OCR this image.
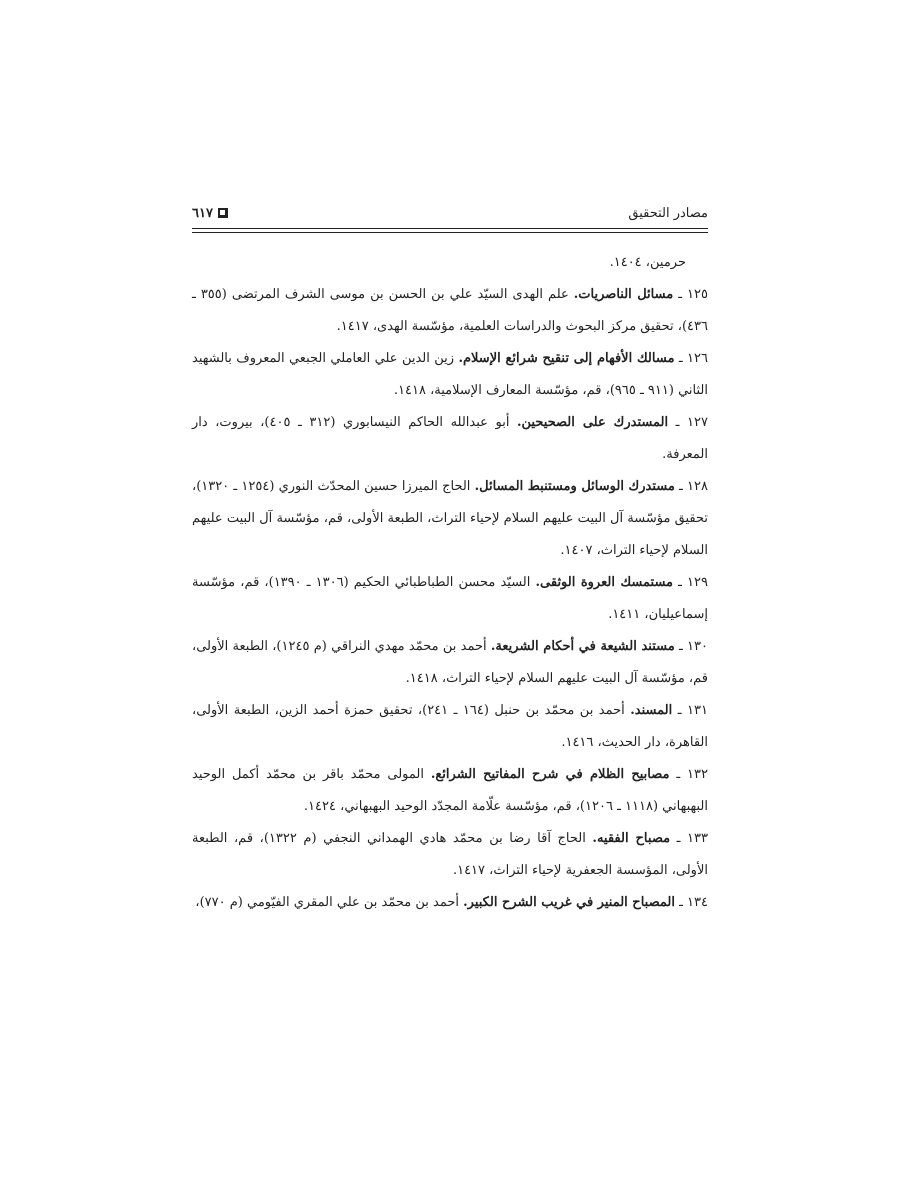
٦١٧	مصادر التحقيق

حرمين، ١٤٠٤.

١٢٥ ـ مسائل الناصريات. علم الهدى السيّد علي بن الحسن بن موسى الشرف المرتضى (٣٥٥ ـ ٤٣٦)، تحقيق مركز البحوث والدراسات العلمية، مؤسّسة الهدى، ١٤١٧.

١٢٦ ـ مسالك الأفهام إلى تنقيح شرائع الإسلام. زين الدين علي العاملي الجبعي المعروف بالشهيد الثاني (٩١١ ـ ٩٦٥)، قم، مؤسّسة المعارف الإسلامية، ١٤١٨.

١٢٧ ـ المستدرك على الصحيحين. أبو عبدالله الحاكم النيسابوري (٣١٢ ـ ٤٠٥)، بيروت، دار المعرفة.

١٢٨ ـ مستدرك الوسائل ومستنبط المسائل. الحاج الميرزا حسين المحدّث النوري (١٢٥٤ ـ ١٣٢٠)، تحقيق مؤسّسة آل البيت عليهم السلام لإحياء التراث، الطبعة الأولى، قم، مؤسّسة آل البيت عليهم السلام لإحياء التراث، ١٤٠٧.

١٢٩ ـ مستمسك العروة الوثقى. السيّد محسن الطباطبائي الحكيم (١٣٠٦ ـ ١٣٩٠)، قم، مؤسّسة إسماعيليان، ١٤١١.

١٣٠ ـ مستند الشيعة في أحكام الشريعة. أحمد بن محمّد مهدي النراقي (م ١٢٤٥)، الطبعة الأولى، قم، مؤسّسة آل البيت عليهم السلام لإحياء التراث، ١٤١٨.

١٣١ ـ المسند. أحمد بن محمّد بن حنبل (١٦٤ ـ ٢٤١)، تحقيق حمزة أحمد الزين، الطبعة الأولى، القاهرة، دار الحديث، ١٤١٦.

١٣٢ ـ مصابيح الظلام في شرح المفاتيح الشرائع. المولى محمّد باقر بن محمّد أكمل الوحيد البهبهاني (١١١٨ ـ ١٢٠٦)، قم، مؤسّسة علّامة المجدّد الوحيد البهبهاني، ١٤٢٤.

١٣٣ ـ مصباح الفقيه. الحاج آقا رضا بن محمّد هادي الهمداني النجفي (م ١٣٢٢)، قم، الطبعة الأولى، المؤسسة الجعفرية لإحياء التراث، ١٤١٧.

١٣٤ ـ المصباح المنير في غريب الشرح الكبير. أحمد بن محمّد بن علي المقري الفيّومي (م ٧٧٠)،
